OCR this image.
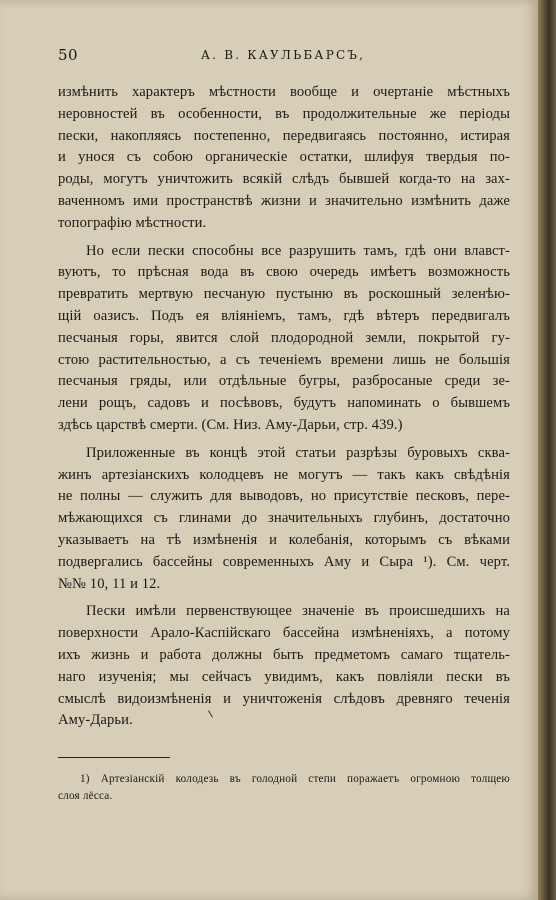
50	А. В. КАУЛЬБАРСЪ,

измѣнить характеръ мѣстности вообще и очертаніе мѣстныхъ
неровностей въ особенности, въ продолжительные же періоды
пески, накопляясь постепенно, передвигаясь постоянно, истирая
и унося съ собою органическіе остатки, шлифуя твердыя по-
роды, могутъ уничтожить всякій слѣдъ бывшей когда-то на зах-
ваченномъ ими пространствѣ жизни и значительно измѣнить даже
топографію мѣстности.

Но если пески способны все разрушить тамъ, гдѣ они влавст-
вуютъ, то прѣсная вода въ свою очередь имѣетъ возможность
превратить мертвую песчаную пустыню въ роскошный зеленѣю-
щій оазисъ. Подъ ея вліяніемъ, тамъ, гдѣ вѣтеръ передвигалъ
песчаныя горы, явится слой плодородной земли, покрытой гу-
стою растительностью, а съ теченіемъ времени лишь не большія
песчаныя гряды, или отдѣльные бугры, разбросаные среди зе-
лени рощъ, садовъ и посѣвовъ, будутъ напоминать о бывшемъ
здѣсь царствѣ смерти. (См. Низ. Аму-Дарьи, стр. 439.)

Приложенные въ концѣ этой статьи разрѣзы буровыхъ сква-
жинъ артезіанскихъ колодцевъ не могутъ — такъ какъ свѣдѣнія
не полны — служить для выводовъ, но присутствіе песковъ, пере-
мѣжающихся съ глинами до значительныхъ глубинъ, достаточно
указываетъ на тѣ измѣненія и колебанія, которымъ съ вѣками
подвергались бассейны современныхъ Аму и Сыра ¹). См. черт.
№№ 10, 11 и 12.

Пески имѣли первенствующее значеніе въ происшедшихъ на
поверхности Арало-Каспійскаго бассейна измѣненіяхъ, а потому
ихъ жизнь и работа должны быть предметомъ самаго тщатель-
наго изученія; мы сейчасъ увидимъ, какъ повліяли пески въ
смыслѣ видоизмѣненія и уничтоженія слѣдовъ древняго теченія
Аму-Дарьи.

1) Артезіанскій колодезь въ голодной степи поражаетъ огромною толщею
слоя лёсса.
